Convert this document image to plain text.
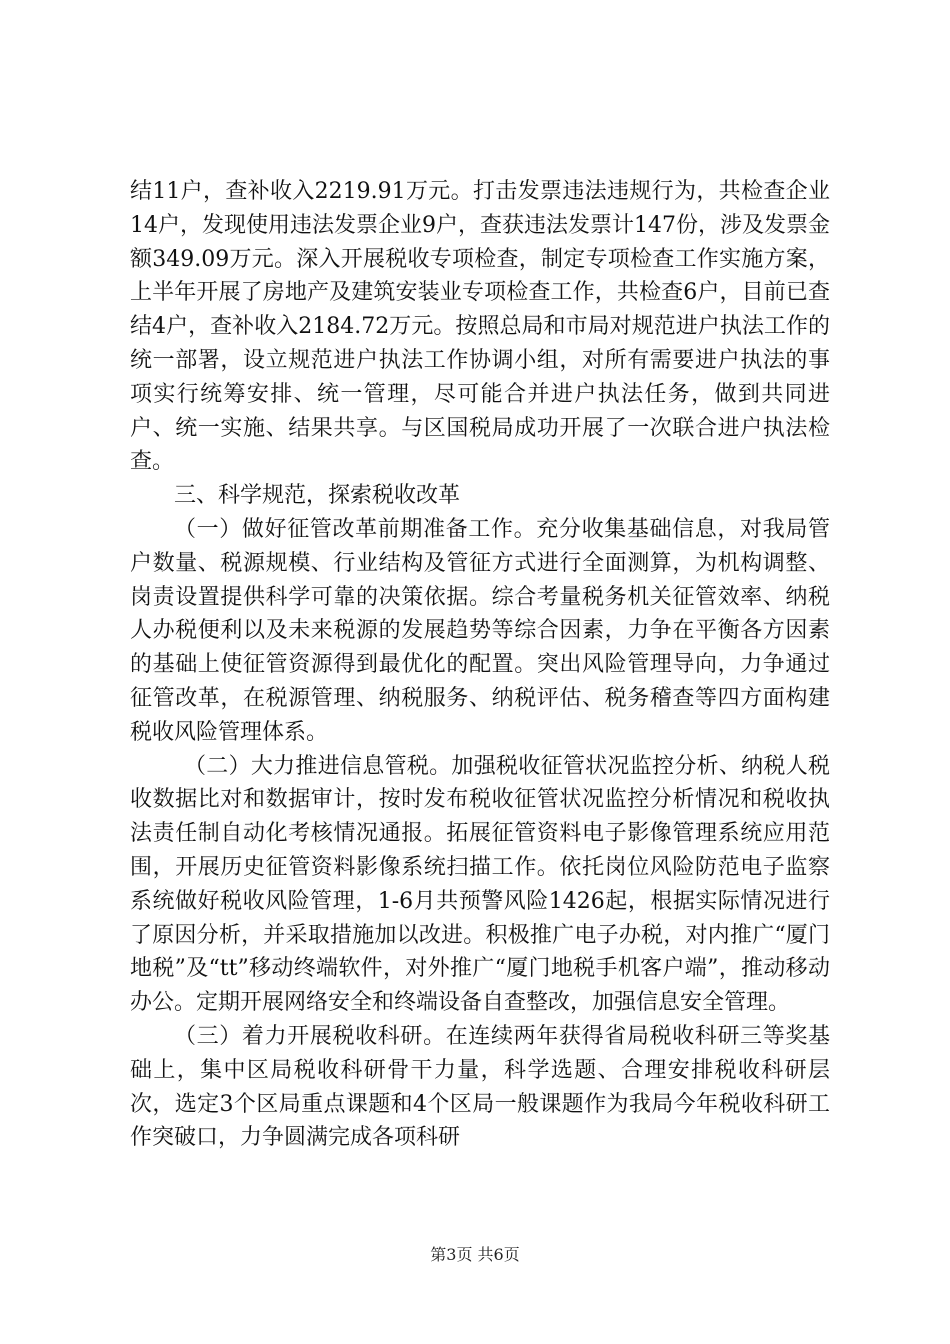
结11户，查补收入2219.91万元。打击发票违法违规行为，共检查企业14户，发现使用违法发票企业9户，查获违法发票计147份，涉及发票金额349.09万元。深入开展税收专项检查，制定专项检查工作实施方案，上半年开展了房地产及建筑安装业专项检查工作，共检查6户，目前已查结4户，查补收入2184.72万元。按照总局和市局对规范进户执法工作的统一部署，设立规范进户执法工作协调小组，对所有需要进户执法的事项实行统筹安排、统一管理，尽可能合并进户执法任务，做到共同进户、统一实施、结果共享。与区国税局成功开展了一次联合进户执法检查。

三、科学规范，探索税收改革

（一）做好征管改革前期准备工作。充分收集基础信息，对我局管户数量、税源规模、行业结构及管征方式进行全面测算，为机构调整、岗责设置提供科学可靠的决策依据。综合考量税务机关征管效率、纳税人办税便利以及未来税源的发展趋势等综合因素，力争在平衡各方因素的基础上使征管资源得到最优化的配置。突出风险管理导向，力争通过征管改革，在税源管理、纳税服务、纳税评估、税务稽查等四方面构建税收风险管理体系。

（二）大力推进信息管税。加强税收征管状况监控分析、纳税人税收数据比对和数据审计，按时发布税收征管状况监控分析情况和税收执法责任制自动化考核情况通报。拓展征管资料电子影像管理系统应用范围，开展历史征管资料影像系统扫描工作。依托岗位风险防范电子监察系统做好税收风险管理，1-6月共预警风险1426起，根据实际情况进行了原因分析，并采取措施加以改进。积极推广电子办税，对内推广“厦门地税”及“tt”移动终端软件，对外推广“厦门地税手机客户端”，推动移动办公。定期开展网络安全和终端设备自查整改，加强信息安全管理。

（三）着力开展税收科研。在连续两年获得省局税收科研三等奖基础上，集中区局税收科研骨干力量，科学选题、合理安排税收科研层次，选定3个区局重点课题和4个区局一般课题作为我局今年税收科研工作突破口，力争圆满完成各项科研

第3页 共6页
